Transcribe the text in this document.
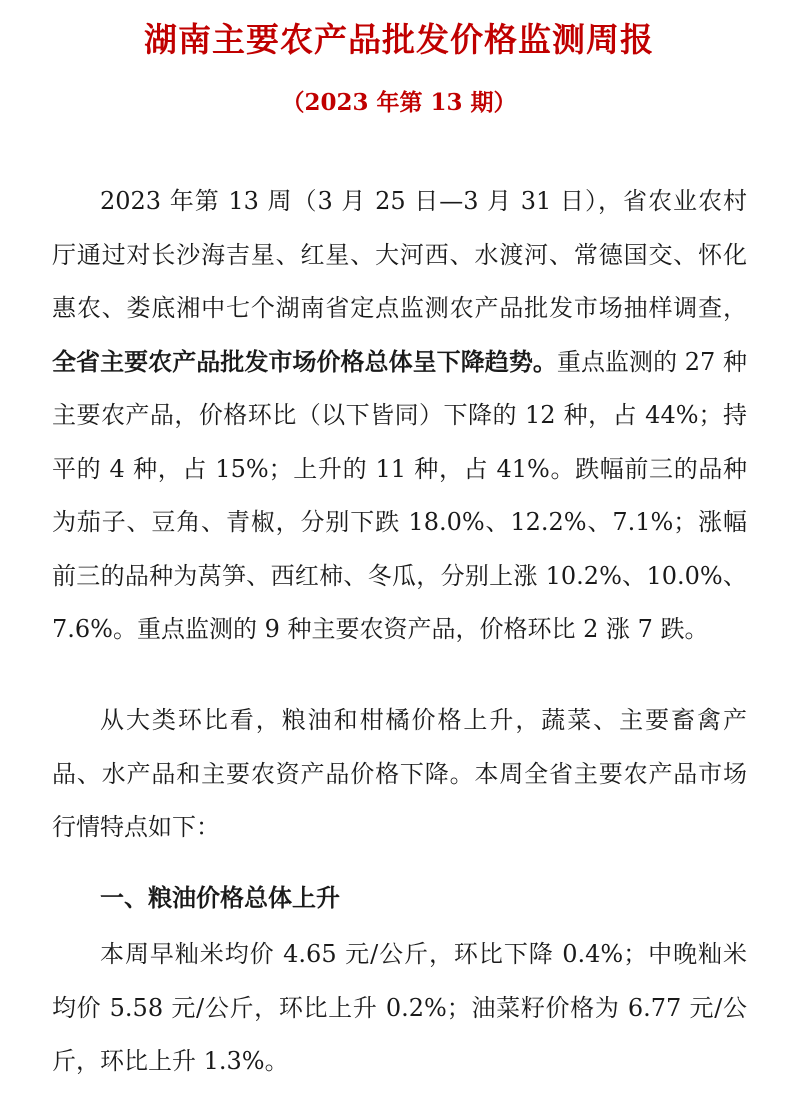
湖南主要农产品批发价格监测周报
（2023 年第 13 期）

2023 年第 13 周（3 月 25 日—3 月 31 日），省农业农村厅通过对长沙海吉星、红星、大河西、水渡河、常德国交、怀化惠农、娄底湘中七个湖南省定点监测农产品批发市场抽样调查，全省主要农产品批发市场价格总体呈下降趋势。重点监测的 27 种主要农产品，价格环比（以下皆同）下降的 12 种，占 44%；持平的 4 种，占 15%；上升的 11 种，占 41%。跌幅前三的品种为茄子、豆角、青椒，分别下跌 18.0%、12.2%、7.1%；涨幅前三的品种为莴笋、西红柿、冬瓜，分别上涨 10.2%、10.0%、7.6%。重点监测的 9 种主要农资产品，价格环比 2 涨 7 跌。

从大类环比看，粮油和柑橘价格上升，蔬菜、主要畜禽产品、水产品和主要农资产品价格下降。本周全省主要农产品市场行情特点如下：

一、粮油价格总体上升

本周早籼米均价 4.65 元/公斤，环比下降 0.4%；中晚籼米均价 5.58 元/公斤，环比上升 0.2%；油菜籽价格为 6.77 元/公斤，环比上升 1.3%。
